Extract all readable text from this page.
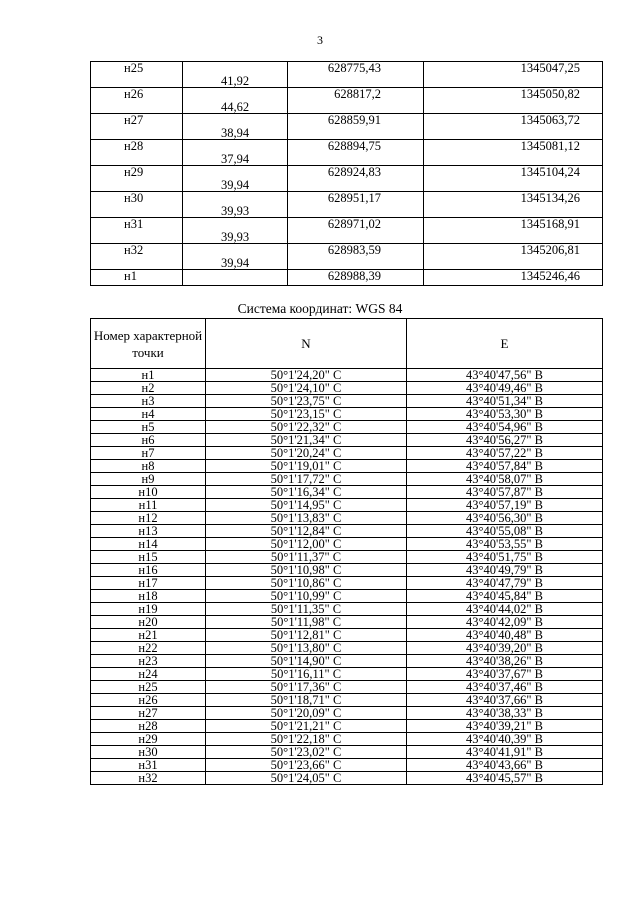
3
н25	41,92	628775,43	1345047,25
н26	44,62	628817,2	1345050,82
н27	38,94	628859,91	1345063,72
н28	37,94	628894,75	1345081,12
н29	39,94	628924,83	1345104,24
н30	39,93	628951,17	1345134,26
н31	39,93	628971,02	1345168,91
н32	39,94	628983,59	1345206,81
н1		628988,39	1345246,46
Система координат: WGS 84
Номер характерной точки	N	E
н1	50°1'24,20" С	43°40'47,56" В
н2	50°1'24,10" С	43°40'49,46" В
н3	50°1'23,75" С	43°40'51,34" В
н4	50°1'23,15" С	43°40'53,30" В
н5	50°1'22,32" С	43°40'54,96" В
н6	50°1'21,34" С	43°40'56,27" В
н7	50°1'20,24" С	43°40'57,22" В
н8	50°1'19,01" С	43°40'57,84" В
н9	50°1'17,72" С	43°40'58,07" В
н10	50°1'16,34" С	43°40'57,87" В
н11	50°1'14,95" С	43°40'57,19" В
н12	50°1'13,83" С	43°40'56,30" В
н13	50°1'12,84" С	43°40'55,08" В
н14	50°1'12,00" С	43°40'53,55" В
н15	50°1'11,37" С	43°40'51,75" В
н16	50°1'10,98" С	43°40'49,79" В
н17	50°1'10,86" С	43°40'47,79" В
н18	50°1'10,99" С	43°40'45,84" В
н19	50°1'11,35" С	43°40'44,02" В
н20	50°1'11,98" С	43°40'42,09" В
н21	50°1'12,81" С	43°40'40,48" В
н22	50°1'13,80" С	43°40'39,20" В
н23	50°1'14,90" С	43°40'38,26" В
н24	50°1'16,11" С	43°40'37,67" В
н25	50°1'17,36" С	43°40'37,46" В
н26	50°1'18,71" С	43°40'37,66" В
н27	50°1'20,09" С	43°40'38,33" В
н28	50°1'21,21" С	43°40'39,21" В
н29	50°1'22,18" С	43°40'40,39" В
н30	50°1'23,02" С	43°40'41,91" В
н31	50°1'23,66" С	43°40'43,66" В
н32	50°1'24,05" С	43°40'45,57" В
